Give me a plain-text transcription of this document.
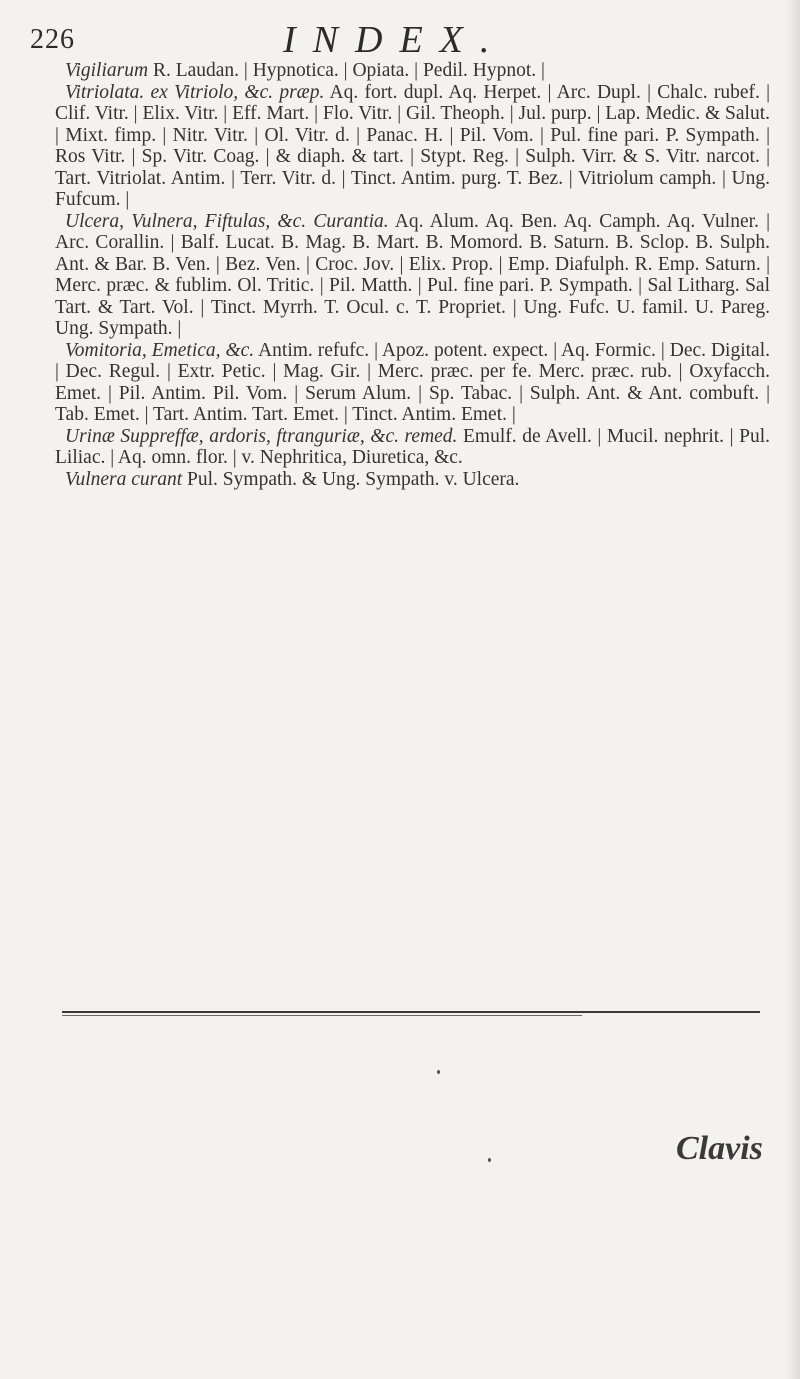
226	INDEX.

Vigiliarum R. Laudan. | Hypnotica. | Opiata. | Pedil. Hypnot. |

Vitriolata. ex Vitriolo, &c. præp. Aq. fort. dupl. Aq. Herpet. | Arc. Dupl. | Chalc. rubef. | Clif. Vitr. | Elix. Vitr. | Eff. Mart. | Flo. Vitr. | Gil. Theoph. | Jul. purp. | Lap. Medic. & Salut. | Mixt. fimp. | Nitr. Vitr. | Ol. Vitr. d. | Panac. H. | Pil. Vom. | Pul. fine pari. P. Sympath. | Ros Vitr. | Sp. Vitr. Coag. | & diaph. & tart. | Stypt. Reg. | Sulph. Virr. & S. Vitr. narcot. | Tart. Vitriolat. Antim. | Terr. Vitr. d. | Tinct. Antim. purg. T. Bez. | Vitriolum camph. | Ung. Fufcum. |

Ulcera, Vulnera, Fiftulas, &c. Curantia. Aq. Alum. Aq. Ben. Aq. Camph. Aq. Vulner. | Arc. Corallin. | Balf. Lucat. B. Mag. B. Mart. B. Momord. B. Saturn. B. Sclop. B. Sulph. Ant. & Bar. B. Ven. | Bez. Ven. | Croc. Jov. | Elix. Prop. | Emp. Diafulph. R. Emp. Saturn. | Merc. præc. & fublim. Ol. Tritic. | Pil. Matth. | Pul. fine pari. P. Sympath. | Sal Litharg. Sal Tart. & Tart. Vol. | Tinct. Myrrh. T. Ocul. c. T. Propriet. | Ung. Fufc. U. famil. U. Pareg. Ung. Sympath. |

Vomitoria, Emetica, &c. Antim. refufc. | Apoz. potent. expect. | Aq. Formic. | Dec. Digital. | Dec. Regul. | Extr. Petic. | Mag. Gir. | Merc. præc. per fe. Merc. præc. rub. | Oxyfacch. Emet. | Pil. Antim. Pil. Vom. | Serum Alum. | Sp. Tabac. | Sulph. Ant. & Ant. combuft. | Tab. Emet. | Tart. Antim. Tart. Emet. | Tinct. Antim. Emet. |

Urinæ Suppreffæ, ardoris, ftranguriæ, &c. remed. Emulf. de Avell. | Mucil. nephrit. | Pul. Liliac. | Aq. omn. flor. | v. Nephritica, Diuretica, &c.

Vulnera curant Pul. Sympath. & Ung. Sympath. v. Ulcera.

Clavis
